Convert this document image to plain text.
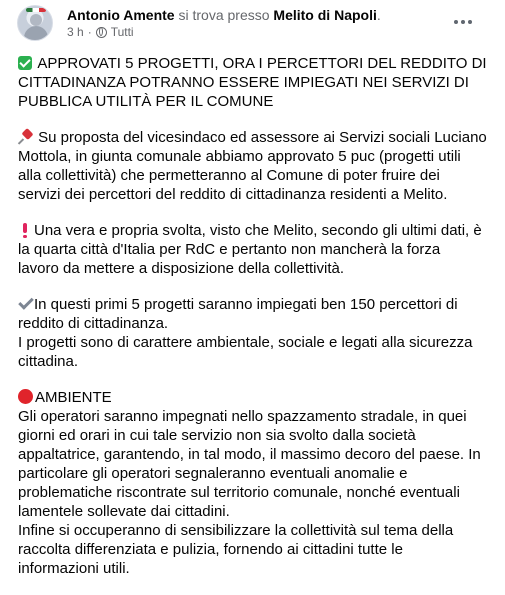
Antonio Amente si trova presso Melito di Napoli.
3 h · Tutti

APPROVATI 5 PROGETTI, ORA I PERCETTORI DEL REDDITO DI
CITTADINANZA POTRANNO ESSERE IMPIEGATI NEI SERVIZI DI
PUBBLICA UTILITÀ PER IL COMUNE

Su proposta del vicesindaco ed assessore ai Servizi sociali Luciano
Mottola, in giunta comunale abbiamo approvato 5 puc (progetti utili
alla collettività) che permetteranno al Comune di poter fruire dei
servizi dei percettori del reddito di cittadinanza residenti a Melito.

Una vera e propria svolta, visto che Melito, secondo gli ultimi dati, è
la quarta città d'Italia per RdC e pertanto non mancherà la forza
lavoro da mettere a disposizione della collettività.

In questi primi 5 progetti saranno impiegati ben 150 percettori di
reddito di cittadinanza.
I progetti sono di carattere ambientale, sociale e legati alla sicurezza
cittadina.

AMBIENTE
Gli operatori saranno impegnati nello spazzamento stradale, in quei
giorni ed orari in cui tale servizio non sia svolto dalla società
appaltatrice, garantendo, in tal modo, il massimo decoro del paese. In
particolare gli operatori segnaleranno eventuali anomalie e
problematiche riscontrate sul territorio comunale, nonché eventuali
lamentele sollevate dai cittadini.
Infine si occuperanno di sensibilizzare la collettività sul tema della
raccolta differenziata e pulizia, fornendo ai cittadini tutte le
informazioni utili.
